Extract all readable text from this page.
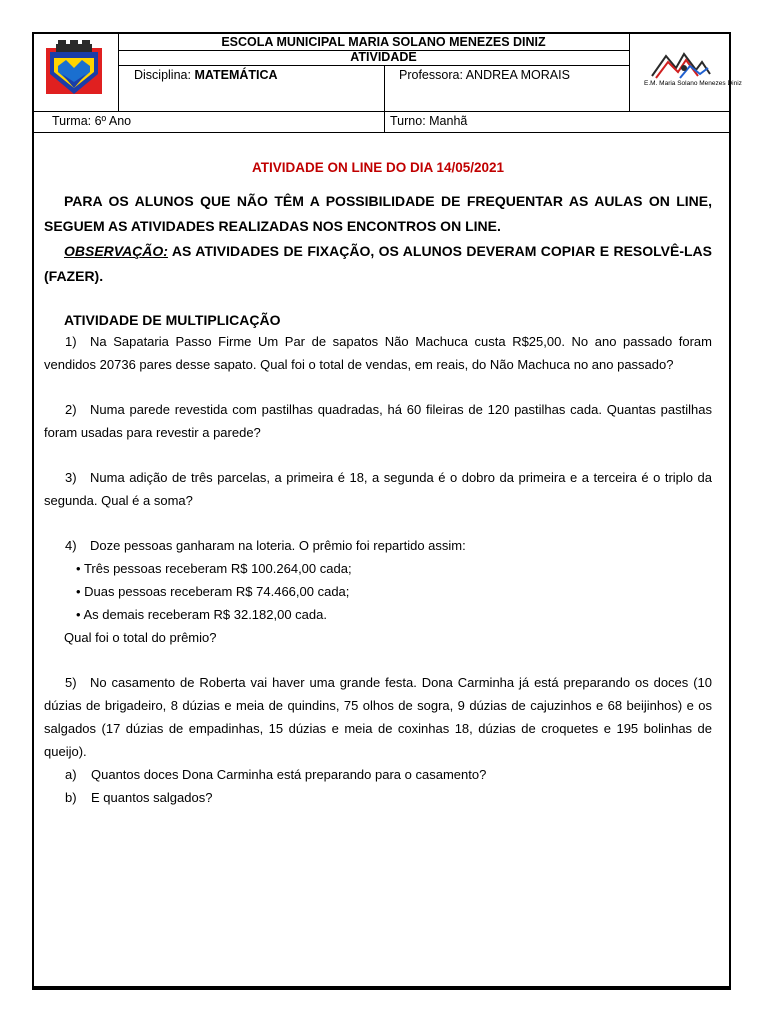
E.M. Maria Solano Menezes Diniz
ESCOLA MUNICIPAL MARIA SOLANO MENEZES DINIZ
ATIVIDADE
Disciplina: MATEMÁTICA	Professora: ANDREA MORAIS
Turma: 6º Ano	Turno: Manhã

ATIVIDADE ON LINE DO DIA 14/05/2021

PARA OS ALUNOS QUE NÃO TÊM A POSSIBILIDADE DE FREQUENTAR AS AULAS ON LINE, SEGUEM AS ATIVIDADES REALIZADAS NOS ENCONTROS ON LINE.

OBSERVAÇÃO: AS ATIVIDADES DE FIXAÇÃO, OS ALUNOS DEVERAM COPIAR E RESOLVÊ-LAS (FAZER).

ATIVIDADE DE MULTIPLICAÇÃO

1) Na Sapataria Passo Firme Um Par de sapatos Não Machuca custa R$25,00. No ano passado foram vendidos 20736 pares desse sapato. Qual foi o total de vendas, em reais, do Não Machuca no ano passado?

2) Numa parede revestida com pastilhas quadradas, há 60 fileiras de 120 pastilhas cada. Quantas pastilhas foram usadas para revestir a parede?

3) Numa adição de três parcelas, a primeira é 18, a segunda é o dobro da primeira e a terceira é o triplo da segunda. Qual é a soma?

4) Doze pessoas ganharam na loteria. O prêmio foi repartido assim:

• Três pessoas receberam R$ 100.264,00 cada;

• Duas pessoas receberam R$ 74.466,00 cada;

• As demais receberam R$ 32.182,00 cada.

Qual foi o total do prêmio?

5) No casamento de Roberta vai haver uma grande festa. Dona Carminha já está preparando os doces (10 dúzias de brigadeiro, 8 dúzias e meia de quindins, 75 olhos de sogra, 9 dúzias de cajuzinhos e 68 beijinhos) e os salgados (17 dúzias de empadinhas, 15 dúzias e meia de coxinhas 18, dúzias de croquetes e 195 bolinhas de queijo).

a) Quantos doces Dona Carminha está preparando para o casamento?

b) E quantos salgados?
